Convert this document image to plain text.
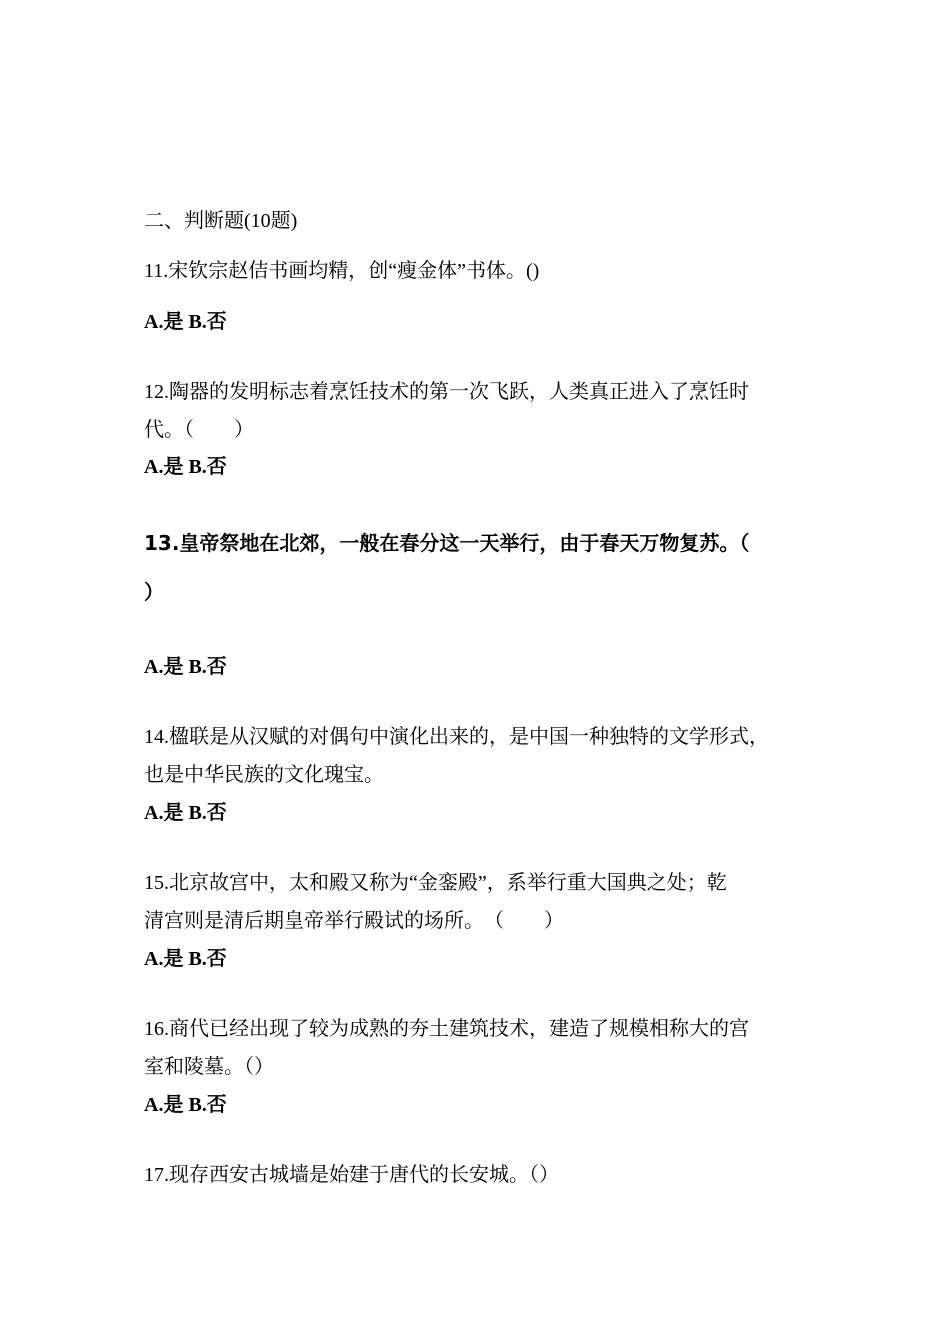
二、判断题(10题)
11.宋钦宗赵佶书画均精，创“瘦金体”书体。()
A.是 B.否
12.陶器的发明标志着烹饪技术的第一次飞跃，人类真正进入了烹饪时
代。（　　）
A.是 B.否
13.皇帝祭地在北郊，一般在春分这一天举行，由于春天万物复苏。（
）
A.是 B.否
14.楹联是从汉赋的对偶句中演化出来的，是中国一种独特的文学形式，
也是中华民族的文化瑰宝。
A.是 B.否
15.北京故宫中，太和殿又称为“金銮殿”，系举行重大国典之处；乾
清宫则是清后期皇帝举行殿试的场所。　（　　）
A.是 B.否
16.商代已经出现了较为成熟的夯土建筑技术，建造了规模相称大的宫
室和陵墓。（）
A.是 B.否
17.现存西安古城墙是始建于唐代的长安城。（）
